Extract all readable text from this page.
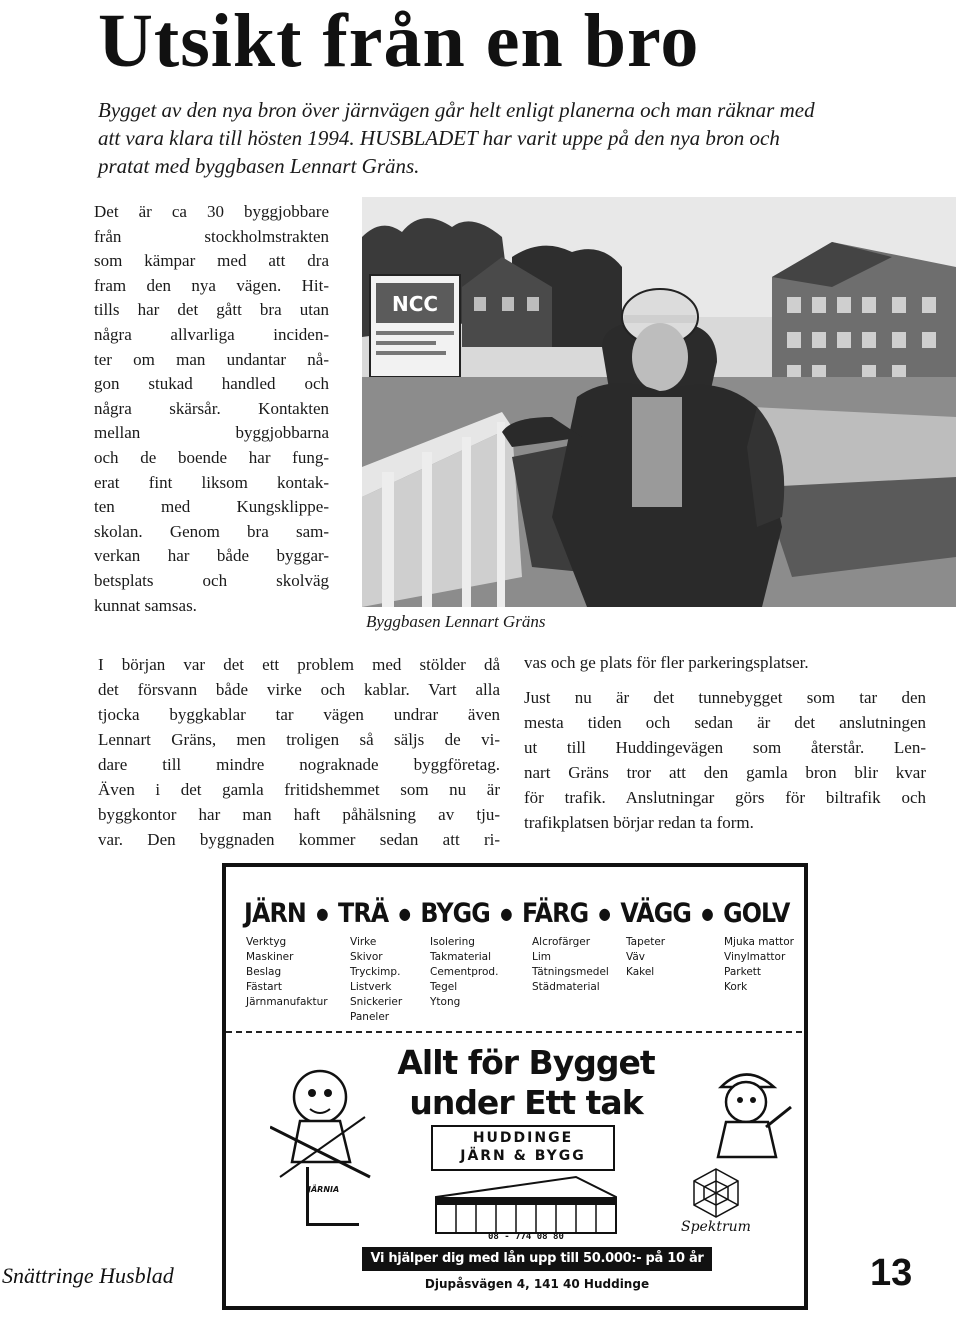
Utsikt från en bro

Bygget av den nya bron över järnvägen går helt enligt planerna och man räknar med
att vara klara till hösten 1994. HUSBLADET har varit uppe på den nya bron och
pratat med byggbasen Lennart Gräns.

Det är ca 30 byggjobbare
från stockholmstrakten
som kämpar med att dra
fram den nya vägen. Hit-
tills har det gått bra utan
några allvarliga inciden-
ter om man undantar nå-
gon stukad handled och
några skärsår. Kontakten
mellan byggjobbarna
och de boende har fung-
erat fint liksom kontak-
ten med Kungsklippe-
skolan. Genom bra sam-
verkan har både byggar-
betsplats och skolväg
kunnat samsas.
NCC

Byggbasen Lennart Gräns

I början var det ett problem med stölder då
det försvann både virke och kablar. Vart alla
tjocka byggkablar tar vägen undrar även
Lennart Gräns, men troligen så säljs de vi-
dare till mindre nograknade byggföretag.
Även i det gamla fritidshemmet som nu är
byggkontor har man haft påhälsning av tju-
var. Den byggnaden kommer sedan att ri-
vas och ge plats för fler parkeringsplatser.
Just nu är det tunnebygget som tar den
mesta tiden och sedan är det anslutningen
ut till Huddingevägen som återstår. Len-
nart Gräns tror att den gamla bron blir kvar
för trafik. Anslutningar görs för biltrafik och
trafikplatsen börjar redan ta form.
JÄRN ● TRÄ ● BYGG ● FÄRG ● VÄGG ● GOLV
Verktyg
Maskiner
Beslag
Fästart
Järnmanufaktur
Virke
Skivor
Tryckimp.
Listverk
Snickerier
Paneler
Isolering
Takmaterial
Cementprod.
Tegel
Ytong
Alcrofärger
Lim
Tätningsmedel
Städmaterial
Tapeter
Väv
Kakel
Mjuka mattor
Vinylmattor
Parkett
Kork
Allt för Bygget
under Ett tak
HUDDINGE
JÄRN & BYGG
JÄRNIA
Spektrum
08 - 774 08 80
Vi hjälper dig med lån upp till 50.000:- på 10 år
Djupåsvägen 4, 141 40 Huddinge

Snättringe Husblad	13
